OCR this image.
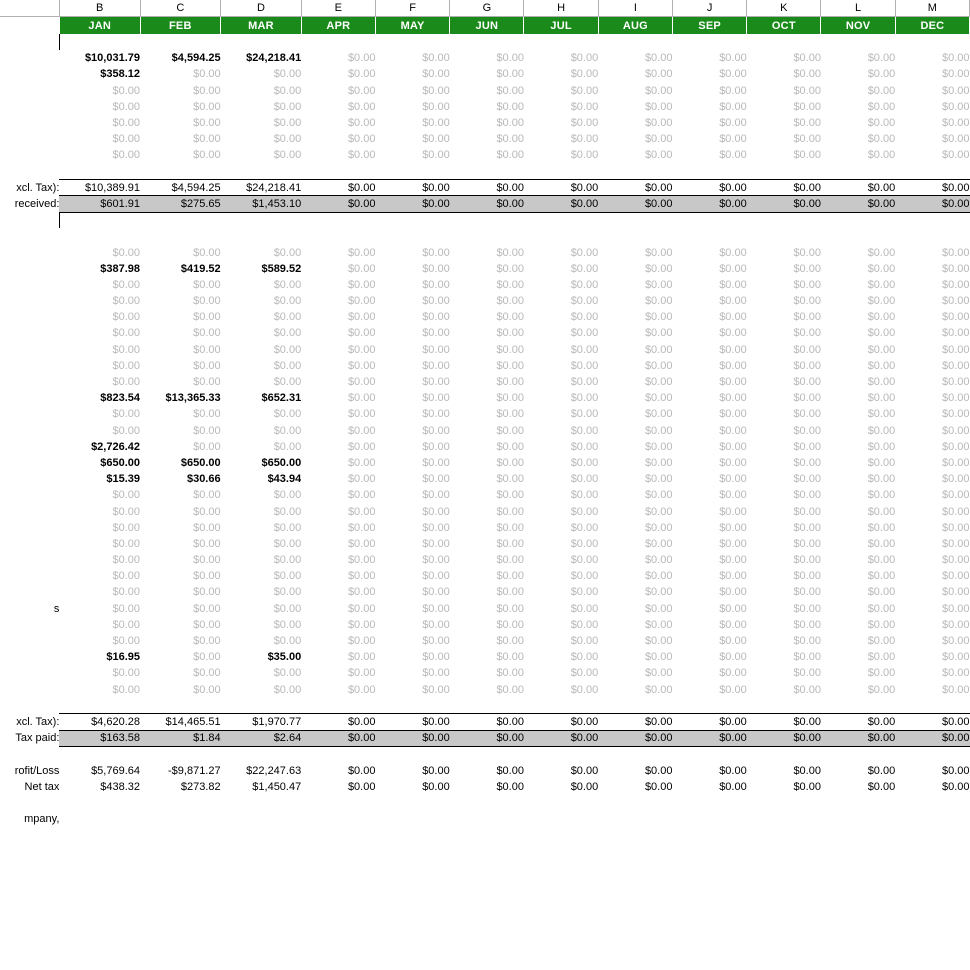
	B	C	D	E	F	G	H	I	J	K	L	M
	JAN	FEB	MAR	APR	MAY	JUN	JUL	AUG	SEP	OCT	NOV	DEC

	$10,031.79	$4,594.25	$24,218.41	$0.00	$0.00	$0.00	$0.00	$0.00	$0.00	$0.00	$0.00	$0.00
	$358.12	$0.00	$0.00	$0.00	$0.00	$0.00	$0.00	$0.00	$0.00	$0.00	$0.00	$0.00
	$0.00	$0.00	$0.00	$0.00	$0.00	$0.00	$0.00	$0.00	$0.00	$0.00	$0.00	$0.00
	$0.00	$0.00	$0.00	$0.00	$0.00	$0.00	$0.00	$0.00	$0.00	$0.00	$0.00	$0.00
	$0.00	$0.00	$0.00	$0.00	$0.00	$0.00	$0.00	$0.00	$0.00	$0.00	$0.00	$0.00
	$0.00	$0.00	$0.00	$0.00	$0.00	$0.00	$0.00	$0.00	$0.00	$0.00	$0.00	$0.00
	$0.00	$0.00	$0.00	$0.00	$0.00	$0.00	$0.00	$0.00	$0.00	$0.00	$0.00	$0.00

xcl. Tax):	$10,389.91	$4,594.25	$24,218.41	$0.00	$0.00	$0.00	$0.00	$0.00	$0.00	$0.00	$0.00	$0.00
received:	$601.91	$275.65	$1,453.10	$0.00	$0.00	$0.00	$0.00	$0.00	$0.00	$0.00	$0.00	$0.00

	$0.00	$0.00	$0.00	$0.00	$0.00	$0.00	$0.00	$0.00	$0.00	$0.00	$0.00	$0.00
	$387.98	$419.52	$589.52	$0.00	$0.00	$0.00	$0.00	$0.00	$0.00	$0.00	$0.00	$0.00
	$0.00	$0.00	$0.00	$0.00	$0.00	$0.00	$0.00	$0.00	$0.00	$0.00	$0.00	$0.00
	$0.00	$0.00	$0.00	$0.00	$0.00	$0.00	$0.00	$0.00	$0.00	$0.00	$0.00	$0.00
	$0.00	$0.00	$0.00	$0.00	$0.00	$0.00	$0.00	$0.00	$0.00	$0.00	$0.00	$0.00
	$0.00	$0.00	$0.00	$0.00	$0.00	$0.00	$0.00	$0.00	$0.00	$0.00	$0.00	$0.00
	$0.00	$0.00	$0.00	$0.00	$0.00	$0.00	$0.00	$0.00	$0.00	$0.00	$0.00	$0.00
	$0.00	$0.00	$0.00	$0.00	$0.00	$0.00	$0.00	$0.00	$0.00	$0.00	$0.00	$0.00
	$0.00	$0.00	$0.00	$0.00	$0.00	$0.00	$0.00	$0.00	$0.00	$0.00	$0.00	$0.00
	$823.54	$13,365.33	$652.31	$0.00	$0.00	$0.00	$0.00	$0.00	$0.00	$0.00	$0.00	$0.00
	$0.00	$0.00	$0.00	$0.00	$0.00	$0.00	$0.00	$0.00	$0.00	$0.00	$0.00	$0.00
	$0.00	$0.00	$0.00	$0.00	$0.00	$0.00	$0.00	$0.00	$0.00	$0.00	$0.00	$0.00
	$2,726.42	$0.00	$0.00	$0.00	$0.00	$0.00	$0.00	$0.00	$0.00	$0.00	$0.00	$0.00
	$650.00	$650.00	$650.00	$0.00	$0.00	$0.00	$0.00	$0.00	$0.00	$0.00	$0.00	$0.00
	$15.39	$30.66	$43.94	$0.00	$0.00	$0.00	$0.00	$0.00	$0.00	$0.00	$0.00	$0.00
	$0.00	$0.00	$0.00	$0.00	$0.00	$0.00	$0.00	$0.00	$0.00	$0.00	$0.00	$0.00
	$0.00	$0.00	$0.00	$0.00	$0.00	$0.00	$0.00	$0.00	$0.00	$0.00	$0.00	$0.00
	$0.00	$0.00	$0.00	$0.00	$0.00	$0.00	$0.00	$0.00	$0.00	$0.00	$0.00	$0.00
	$0.00	$0.00	$0.00	$0.00	$0.00	$0.00	$0.00	$0.00	$0.00	$0.00	$0.00	$0.00
	$0.00	$0.00	$0.00	$0.00	$0.00	$0.00	$0.00	$0.00	$0.00	$0.00	$0.00	$0.00
	$0.00	$0.00	$0.00	$0.00	$0.00	$0.00	$0.00	$0.00	$0.00	$0.00	$0.00	$0.00
	$0.00	$0.00	$0.00	$0.00	$0.00	$0.00	$0.00	$0.00	$0.00	$0.00	$0.00	$0.00
s	$0.00	$0.00	$0.00	$0.00	$0.00	$0.00	$0.00	$0.00	$0.00	$0.00	$0.00	$0.00
	$0.00	$0.00	$0.00	$0.00	$0.00	$0.00	$0.00	$0.00	$0.00	$0.00	$0.00	$0.00
	$0.00	$0.00	$0.00	$0.00	$0.00	$0.00	$0.00	$0.00	$0.00	$0.00	$0.00	$0.00
	$16.95	$0.00	$35.00	$0.00	$0.00	$0.00	$0.00	$0.00	$0.00	$0.00	$0.00	$0.00
	$0.00	$0.00	$0.00	$0.00	$0.00	$0.00	$0.00	$0.00	$0.00	$0.00	$0.00	$0.00
	$0.00	$0.00	$0.00	$0.00	$0.00	$0.00	$0.00	$0.00	$0.00	$0.00	$0.00	$0.00

xcl. Tax):	$4,620.28	$14,465.51	$1,970.77	$0.00	$0.00	$0.00	$0.00	$0.00	$0.00	$0.00	$0.00	$0.00
Tax paid:	$163.58	$1.84	$2.64	$0.00	$0.00	$0.00	$0.00	$0.00	$0.00	$0.00	$0.00	$0.00

rofit/Loss	$5,769.64	-$9,871.27	$22,247.63	$0.00	$0.00	$0.00	$0.00	$0.00	$0.00	$0.00	$0.00	$0.00
Net tax	$438.32	$273.82	$1,450.47	$0.00	$0.00	$0.00	$0.00	$0.00	$0.00	$0.00	$0.00	$0.00

mpany,												
